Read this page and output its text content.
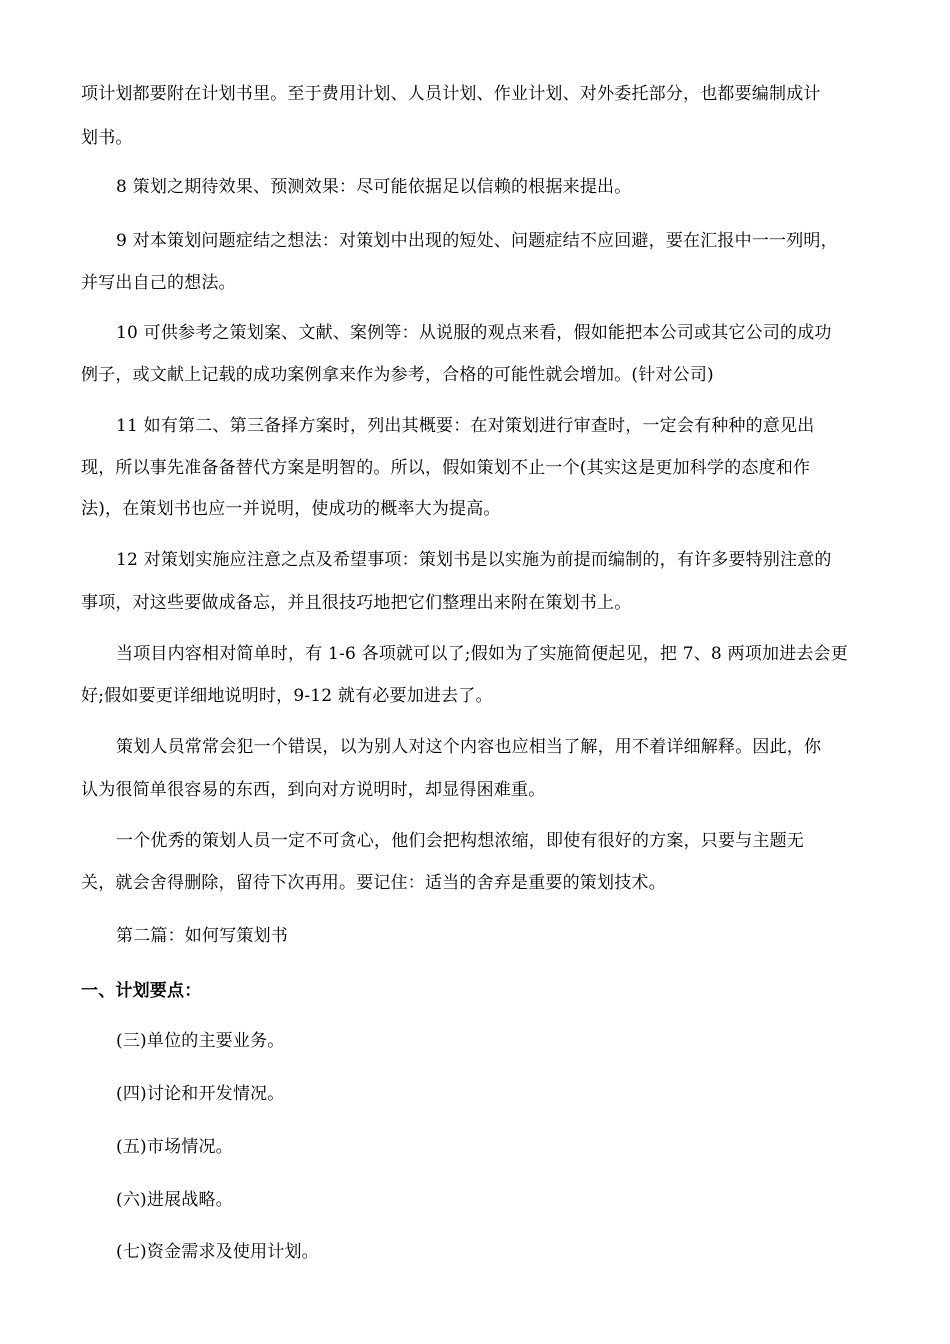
项计划都要附在计划书里。至于费用计划、人员计划、作业计划、对外委托部分，也都要编制成计
划书。
8 策划之期待效果、预测效果：尽可能依据足以信赖的根据来提出。
9 对本策划问题症结之想法：对策划中出现的短处、问题症结不应回避，要在汇报中一一列明，
并写出自己的想法。
10 可供参考之策划案、文献、案例等：从说服的观点来看，假如能把本公司或其它公司的成功
例子，或文献上记载的成功案例拿来作为参考，合格的可能性就会增加。(针对公司)
11 如有第二、第三备择方案时，列出其概要：在对策划进行审查时，一定会有种种的意见出
现，所以事先准备备替代方案是明智的。所以，假如策划不止一个(其实这是更加科学的态度和作
法)，在策划书也应一并说明，使成功的概率大为提高。
12 对策划实施应注意之点及希望事项：策划书是以实施为前提而编制的，有许多要特别注意的
事项，对这些要做成备忘，并且很技巧地把它们整理出来附在策划书上。
当项目内容相对简单时，有 1-6 各项就可以了;假如为了实施简便起见，把 7、8 两项加进去会更
好;假如要更详细地说明时，9-12 就有必要加进去了。
策划人员常常会犯一个错误，以为别人对这个内容也应相当了解，用不着详细解释。因此，你
认为很简单很容易的东西，到向对方说明时，却显得困难重。
一个优秀的策划人员一定不可贪心，他们会把构想浓缩，即使有很好的方案，只要与主题无
关，就会舍得删除，留待下次再用。要记住：适当的舍弃是重要的策划技术。
第二篇：如何写策划书
一、计划要点：
(三)单位的主要业务。
(四)讨论和开发情况。
(五)市场情况。
(六)进展战略。
(七)资金需求及使用计划。
